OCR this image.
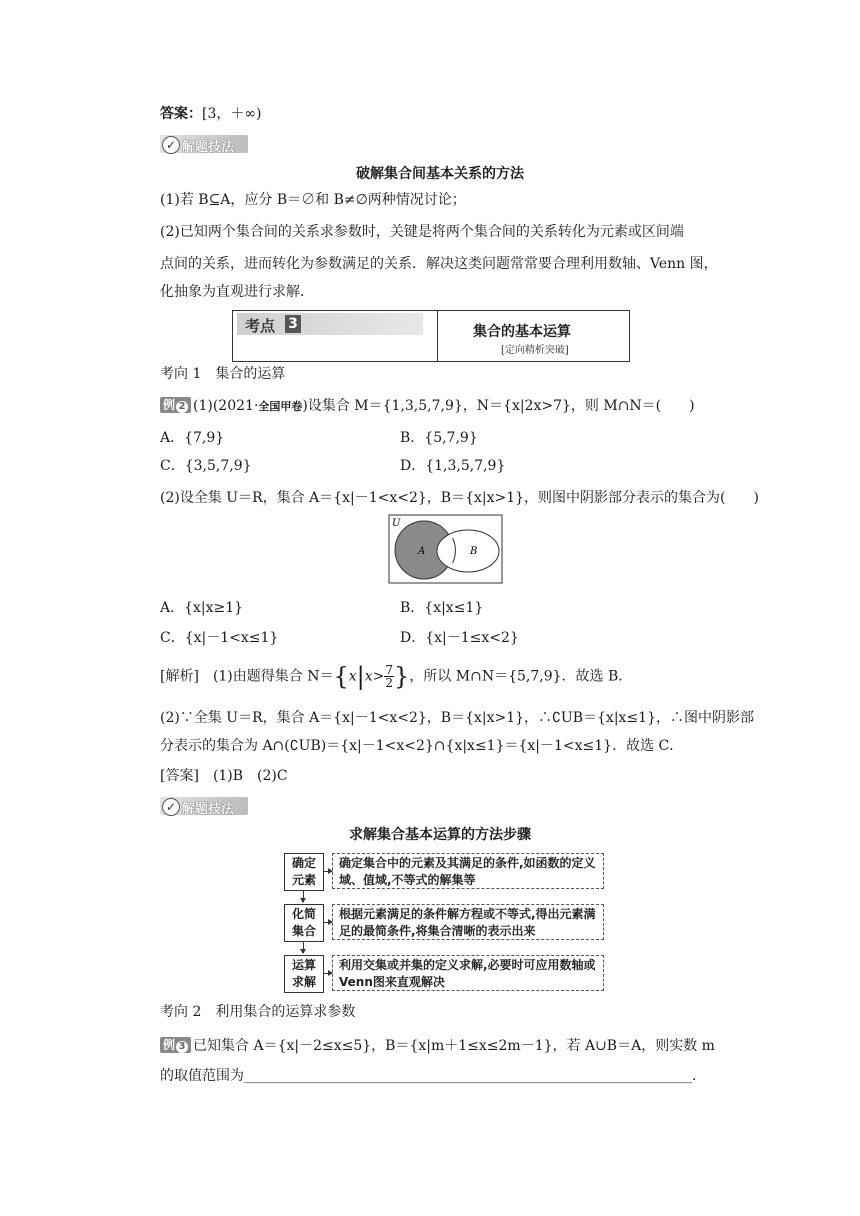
答案：[3，＋∞)
✓ 解题技法
破解集合间基本关系的方法
(1)若 B⊆A，应分 B＝∅和 B≠∅两种情况讨论；
(2)已知两个集合间的关系求参数时，关键是将两个集合间的关系转化为元素或区间端
点间的关系，进而转化为参数满足的关系．解决这类问题常常要合理利用数轴、Venn 图，
化抽象为直观进行求解．
考点 3	集合的基本运算
[定向精析突破]
考向 1　集合的运算
例 2 (1)(2021·全国甲卷)设集合 M＝{1,3,5,7,9}，N＝{x|2x>7}，则 M∩N＝(　　)
A．{7,9}	B．{5,7,9}
C．{3,5,7,9}	D．{1,3,5,7,9}
(2)设全集 U＝R，集合 A＝{x|－1<x<2}，B＝{x|x>1}，则图中阴影部分表示的集合为(　　)
U
A	B
A．{x|x≥1}	B．{x|x≤1}
C．{x|－1<x≤1}	D．{x|－1≤x<2}
[解析]　 (1)由题得集合 $N=\{x|x> \frac{7}{2}$ }，所以 M∩N＝{5,7,9}．故选 B．
(2)∵全集 U＝R，集合 A＝{x|－1<x<2}，B＝{x|x>1}，∴∁UB＝{x|x≤1}，∴图中阴影部
分表示的集合为 A∩(∁UB)＝{x|－1<x<2}∩{x|x≤1}＝{x|－1<x≤1}．故选 C．
[答案]　 (1)B　(2)C
✓ 解题技法
求解集合基本运算的方法步骤
确定
元素
确定集合中的元素及其满足的条件,如函数的定义域、值域,不等式的解集等
化简
集合
根据元素满足的条件解方程或不等式,得出元素满足的最简条件,将集合清晰的表示出来
运算
求解
利用交集或并集的定义求解,必要时可应用数轴或Venn图来直观解决
考向 2　利用集合的运算求参数
例 3 已知集合 A＝{x|－2≤x≤5}，B＝{x|m＋1≤x≤2m－1}，若 A∪B＝A，则实数 m
的取值范围为________________________________________________________________．
